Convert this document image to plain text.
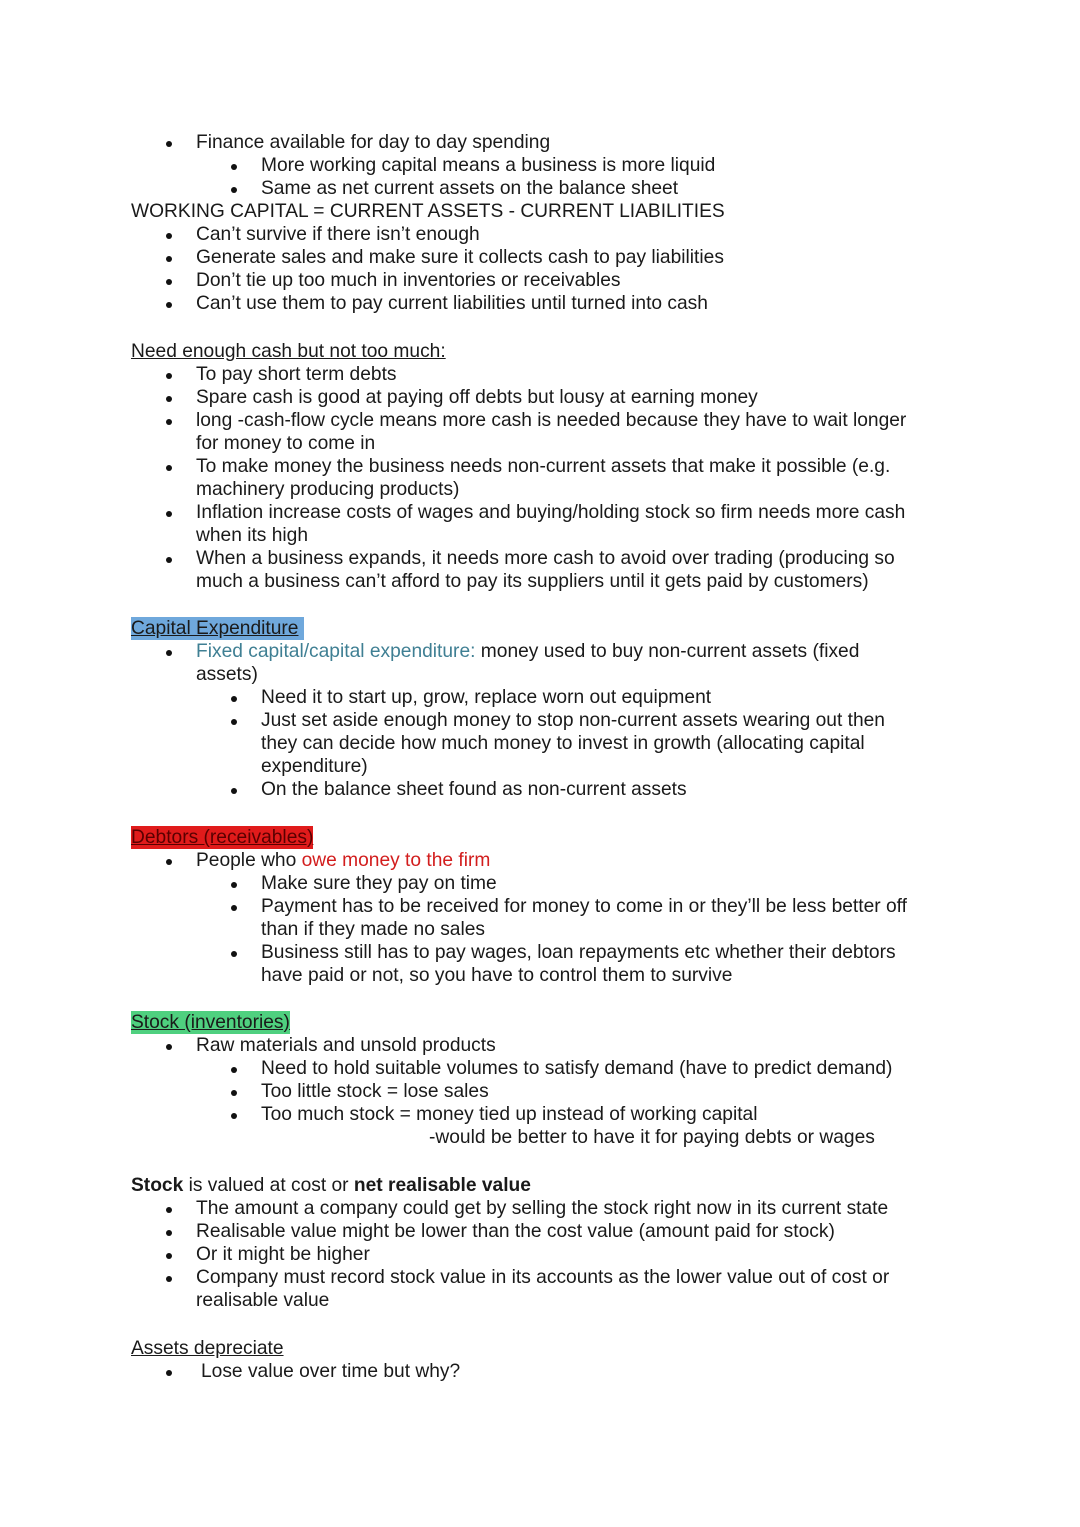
Finance available for day to day spending
More working capital means a business is more liquid
Same as net current assets on the balance sheet
WORKING CAPITAL = CURRENT ASSETS - CURRENT LIABILITIES
Can’t survive if there isn’t enough
Generate sales and make sure it collects cash to pay liabilities
Don’t tie up too much in inventories or receivables
Can’t use them to pay current liabilities until turned into cash
Need enough cash but not too much:
To pay short term debts
Spare cash is good at paying off debts but lousy at earning money
long -cash-flow cycle means more cash is needed because they have to wait longer
for money to come in
To make money the business needs non-current assets that make it possible (e.g.
machinery producing products)
Inflation increase costs of wages and buying/holding stock so firm needs more cash
when its high
When a business expands, it needs more cash to avoid over trading (producing so
much a business can’t afford to pay its suppliers until it gets paid by customers)
Capital Expenditure
Fixed capital/capital expenditure: money used to buy non-current assets (fixed
assets)
Need it to start up, grow, replace worn out equipment
Just set aside enough money to stop non-current assets wearing out then
they can decide how much money to invest in growth (allocating capital
expenditure)
On the balance sheet found as non-current assets
Debtors (receivables)
People who owe money to the firm
Make sure they pay on time
Payment has to be received for money to come in or they’ll be less better off
than if they made no sales
Business still has to pay wages, loan repayments etc whether their debtors
have paid or not, so you have to control them to survive
Stock (inventories)
Raw materials and unsold products
Need to hold suitable volumes to satisfy demand (have to predict demand)
Too little stock = lose sales
Too much stock = money tied up instead of working capital
-would be better to have it for paying debts or wages
Stock is valued at cost or net realisable value
The amount a company could get by selling the stock right now in its current state
Realisable value might be lower than the cost value (amount paid for stock)
Or it might be higher
Company must record stock value in its accounts as the lower value out of cost or
realisable value
Assets depreciate
Lose value over time but why?
